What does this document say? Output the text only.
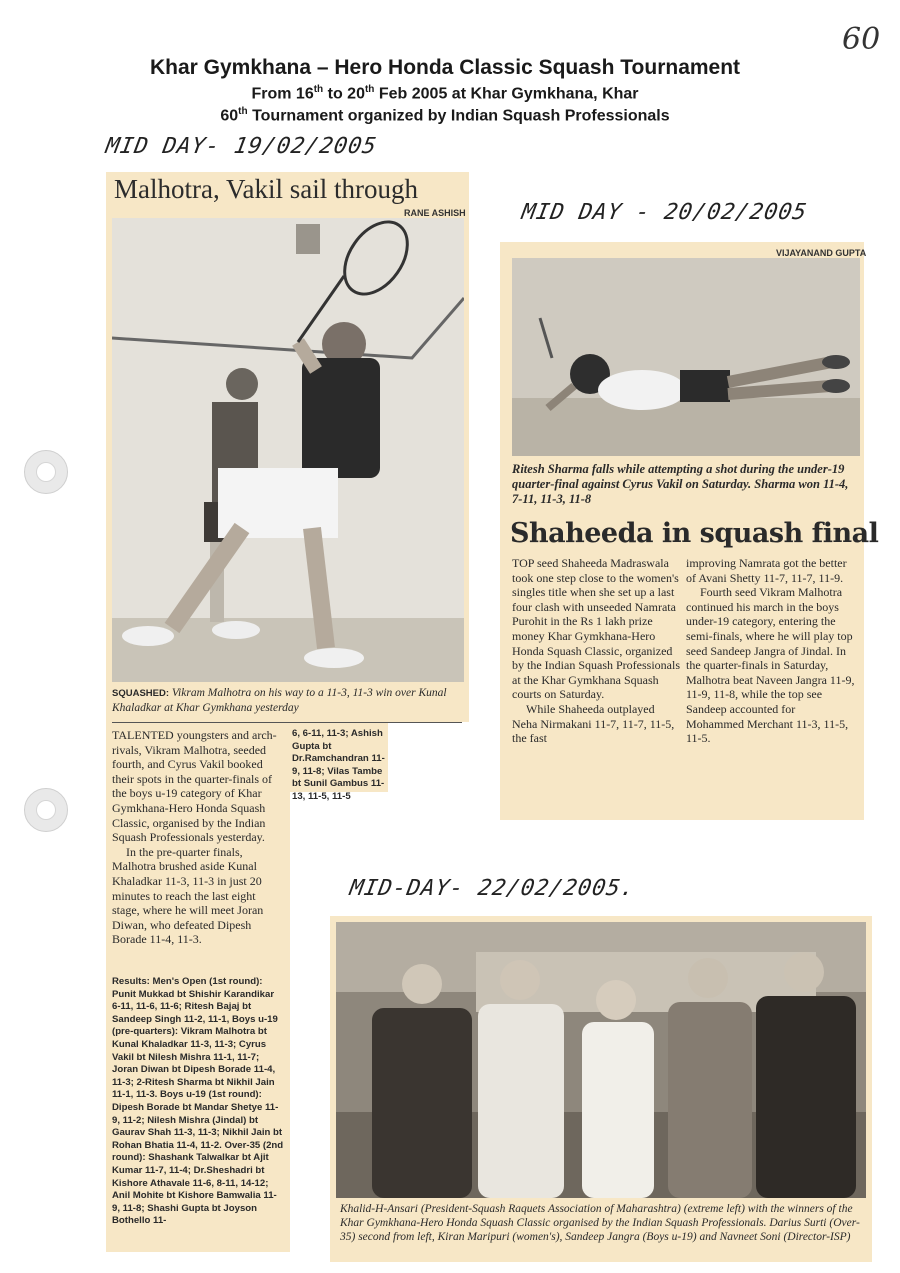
60
Khar Gymkhana – Hero Honda Classic Squash Tournament
From 16th to 20th Feb 2005 at Khar Gymkhana, Khar
60th Tournament organized by Indian Squash Professionals
MID DAY- 19/02/2005
MID DAY - 20/02/2005
MID-DAY- 22/02/2005.
Malhotra, Vakil sail through
RANE ASHISH
SQUASHED: Vikram Malhotra on his way to a 11-3, 11-3 win over Kunal Khaladkar at Khar Gymkhana yesterday

TALENTED youngsters and arch-rivals, Vikram Malhotra, seeded fourth, and Cyrus Vakil booked their spots in the quarter-finals of the boys u-19 category of Khar Gymkhana-Hero Honda Squash Classic, organised by the Indian Squash Professionals yesterday.

In the pre-quarter finals, Malhotra brushed aside Kunal Khaladkar 11-3, 11-3 in just 20 minutes to reach the last eight stage, where he will meet Joran Diwan, who defeated Dipesh Borade 11-4, 11-3.

Results: Men's Open (1st round): Punit Mukkad bt Shishir Karandikar 6-11, 11-6, 11-6; Ritesh Bajaj bt Sandeep Singh 11-2, 11-1, Boys u-19 (pre-quarters): Vikram Malhotra bt Kunal Khaladkar 11-3, 11-3; Cyrus Vakil bt Nilesh Mishra 11-1, 11-7; Joran Diwan bt Dipesh Borade 11-4, 11-3; 2-Ritesh Sharma bt Nikhil Jain 11-1, 11-3. Boys u-19 (1st round): Dipesh Borade bt Mandar Shetye 11-9, 11-2; Nilesh Mishra (Jindal) bt Gaurav Shah 11-3, 11-3; Nikhil Jain bt Rohan Bhatia 11-4, 11-2. Over-35 (2nd round): Shashank Talwalkar bt Ajit Kumar 11-7, 11-4; Dr.Sheshadri bt Kishore Athavale 11-6, 8-11, 14-12; Anil Mohite bt Kishore Bamwalia 11-9, 11-8; Shashi Gupta bt Joyson Bothello 11-
6, 6-11, 11-3; Ashish Gupta bt Dr.Ramchandran 11-9, 11-8; Vilas Tambe bt Sunil Gambus 11-13, 11-5, 11-5
VIJAYANAND GUPTA
Ritesh Sharma falls while attempting a shot during the under-19 quarter-final against Cyrus Vakil on Saturday. Sharma won 11-4, 7-11, 11-3, 11-8
Shaheeda in squash final

TOP seed Shaheeda Madraswala took one step close to the women's singles title when she set up a last four clash with unseeded Namrata Purohit in the Rs 1 lakh prize money Khar Gymkhana-Hero Honda Squash Classic, organized by the Indian Squash Professionals at the Khar Gymkhana Squash courts on Saturday.

While Shaheeda outplayed Neha Nirmakani 11-7, 11-7, 11-5, the fast

improving Namrata got the better of Avani Shetty 11-7, 11-7, 11-9.

Fourth seed Vikram Malhotra continued his march in the boys under-19 category, entering the semi-finals, where he will play top seed Sandeep Jangra of Jindal. In the quarter-finals in Saturday, Malhotra beat Naveen Jangra 11-9, 11-9, 11-8, while the top see Sandeep accounted for Mohammed Merchant 11-3, 11-5, 11-5.

Khalid-H-Ansari (President-Squash Raquets Association of Maharashtra) (extreme left) with the winners of the Khar Gymkhana-Hero Honda Squash Classic organised by the Indian Squash Professionals. Darius Surti (Over-35) second from left, Kiran Maripuri (women's), Sandeep Jangra (Boys u-19) and Navneet Soni (Director-ISP)
